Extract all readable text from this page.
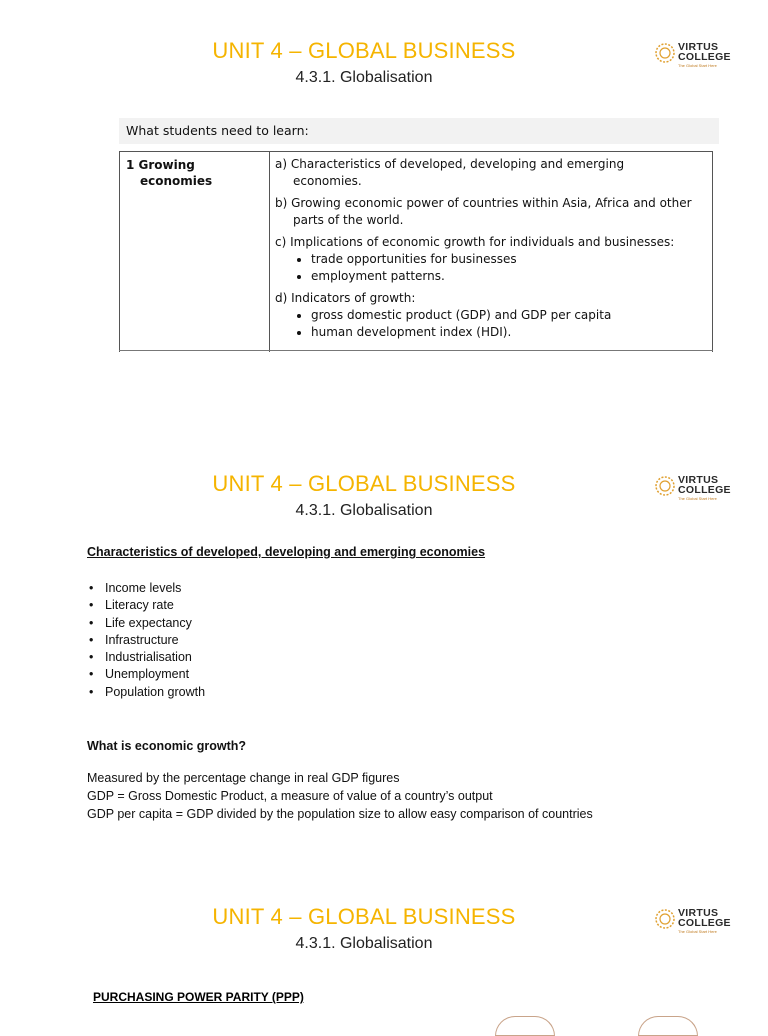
UNIT 4 – GLOBAL BUSINESS
4.3.1. Globalisation
VIRTUS
COLLEGE
The Global Start Here
What students need to learn:
1 Growing
economies
a) Characteristics of developed, developing and emerging
economies.
b) Growing economic power of countries within Asia, Africa and other
parts of the world.
c) Implications of economic growth for individuals and businesses:
• trade opportunities for businesses
• employment patterns.
d) Indicators of growth:
• gross domestic product (GDP) and GDP per capita
• human development index (HDI).
UNIT 4 – GLOBAL BUSINESS
4.3.1. Globalisation
VIRTUS
COLLEGE
The Global Start Here
Characteristics of developed, developing and emerging economies
• Income levels
• Literacy rate
• Life expectancy
• Infrastructure
• Industrialisation
• Unemployment
• Population growth
What is economic growth?
Measured by the percentage change in real GDP figures
GDP = Gross Domestic Product, a measure of value of a country’s output
GDP per capita = GDP divided by the population size to allow easy comparison of countries
UNIT 4 – GLOBAL BUSINESS
4.3.1. Globalisation
VIRTUS
COLLEGE
The Global Start Here
PURCHASING POWER PARITY (PPP)
